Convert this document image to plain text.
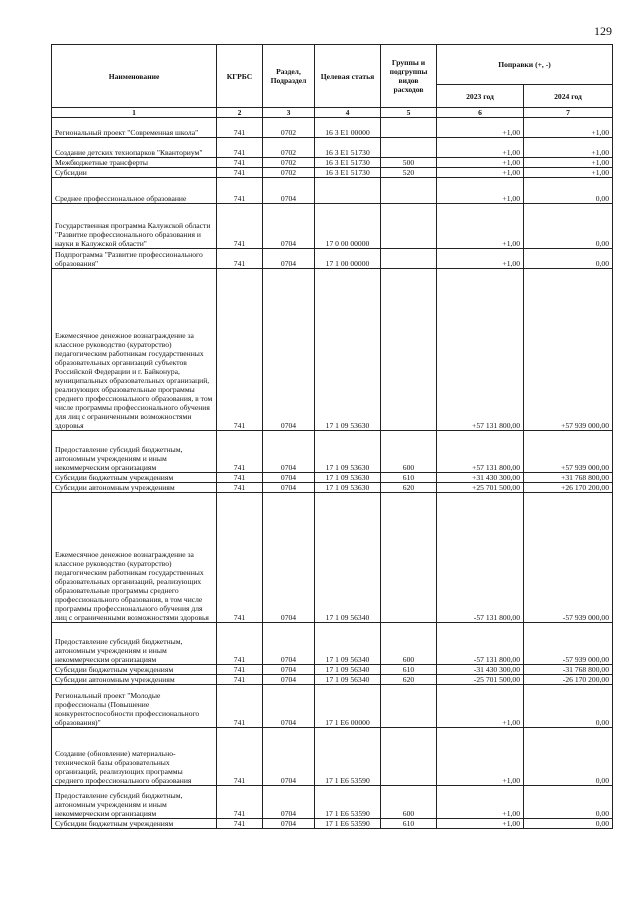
129
Наименование	КГРБС	Раздел, Подраздел	Целевая статья	Группы и подгруппы видов расходов	Поправки (+, -)	
					2023 год	2024 год
1	2	3	4	5	6	7
Региональный проект "Современная школа"	741	0702	16 3 E1 00000		+1,00	+1,00
Создание детских технопарков "Кванториум"	741	0702	16 3 E1 51730		+1,00	+1,00
Межбюджетные трансферты	741	0702	16 3 E1 51730	500	+1,00	+1,00
Субсидии	741	0702	16 3 E1 51730	520	+1,00	+1,00
Среднее профессиональное образование	741	0704			+1,00	0,00
Государственная программа Калужской области "Развитие профессионального образования и науки в Калужской области"	741	0704	17 0 00 00000		+1,00	0,00
Подпрограмма "Развитие профессионального образования"	741	0704	17 1 00 00000		+1,00	0,00
Ежемесячное денежное вознаграждение за классное руководство (кураторство) педагогическим работникам государственных образовательных организаций субъектов Российской Федерации и г. Байконура, муниципальных образовательных организаций, реализующих образовательные программы среднего профессионального образования, в том числе программы профессионального обучения для лиц с ограниченными возможностями здоровья	741	0704	17 1 09 53630		+57 131 800,00	+57 939 000,00
Предоставление субсидий бюджетным, автономным учреждениям и иным некоммерческим организациям	741	0704	17 1 09 53630	600	+57 131 800,00	+57 939 000,00
Субсидии бюджетным учреждениям	741	0704	17 1 09 53630	610	+31 430 300,00	+31 768 800,00
Субсидии автономным учреждениям	741	0704	17 1 09 53630	620	+25 701 500,00	+26 170 200,00
Ежемесячное денежное вознаграждение за классное руководство (кураторство) педагогическим работникам государственных образовательных организаций, реализующих образовательные программы среднего профессионального образования, в том числе программы профессионального обучения для лиц с ограниченными возможностями здоровья	741	0704	17 1 09 56340		-57 131 800,00	-57 939 000,00
Предоставление субсидий бюджетным, автономным учреждениям и иным некоммерческим организациям	741	0704	17 1 09 56340	600	-57 131 800,00	-57 939 000,00
Субсидии бюджетным учреждениям	741	0704	17 1 09 56340	610	-31 430 300,00	-31 768 800,00
Субсидии автономным учреждениям	741	0704	17 1 09 56340	620	-25 701 500,00	-26 170 200,00
Региональный проект "Молодые профессионалы (Повышение конкурентоспособности профессионального образования)"	741	0704	17 1 E6 00000		+1,00	0,00
Создание (обновление) материально-технической базы образовательных организаций, реализующих программы среднего профессионального образования	741	0704	17 1 E6 53590		+1,00	0,00
Предоставление субсидий бюджетным, автономным учреждениям и иным некоммерческим организациям	741	0704	17 1 E6 53590	600	+1,00	0,00
Субсидии бюджетным учреждениям	741	0704	17 1 E6 53590	610	+1,00	0,00
